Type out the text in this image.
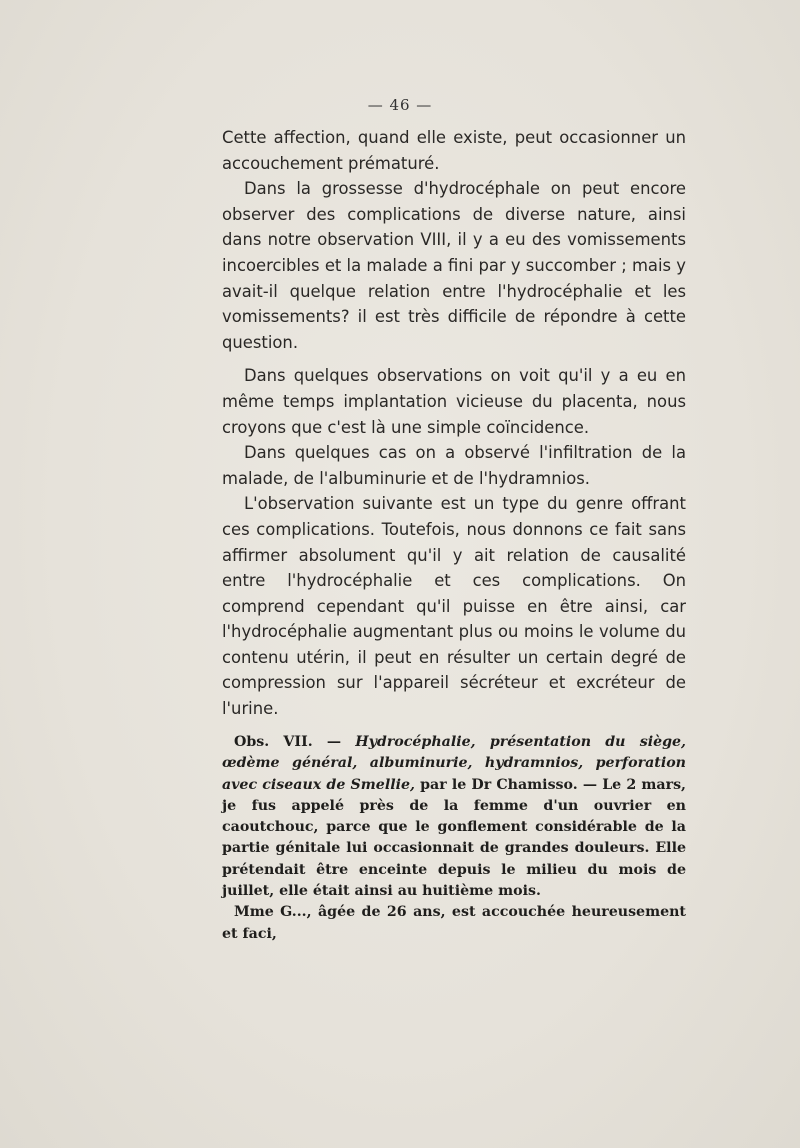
— 46 —

Cette affection, quand elle existe, peut occasionner un accouchement prématuré.

Dans la grossesse d'hydrocéphale on peut encore observer des complications de diverse nature, ainsi dans notre observation VIII, il y a eu des vomissements incoercibles et la malade a fini par y succomber ; mais y avait-il quelque relation entre l'hydrocéphalie et les vomissements? il est très difficile de répondre à cette question.

Dans quelques observations on voit qu'il y a eu en même temps implantation vicieuse du placenta, nous croyons que c'est là une simple coïncidence.

Dans quelques cas on a observé l'infiltration de la malade, de l'albuminurie et de l'hydramnios.

L'observation suivante est un type du genre offrant ces complications. Toutefois, nous donnons ce fait sans affirmer absolument qu'il y ait relation de causalité entre l'hydrocéphalie et ces complications. On comprend cependant qu'il puisse en être ainsi, car l'hydrocéphalie augmentant plus ou moins le volume du contenu utérin, il peut en résulter un certain degré de compression sur l'appareil sécréteur et excréteur de l'urine.

Obs. VII. — Hydrocéphalie, présentation du siège, œdème général, albuminurie, hydramnios, perforation avec ciseaux de Smellie, par le Dr Chamisso. — Le 2 mars, je fus appelé près de la femme d'un ouvrier en caoutchouc, parce que le gonflement considérable de la partie génitale lui occasionnait de grandes douleurs. Elle prétendait être enceinte depuis le milieu du mois de juillet, elle était ainsi au huitième mois.

Mme G..., âgée de 26 ans, est accouchée heureusement et faci,
